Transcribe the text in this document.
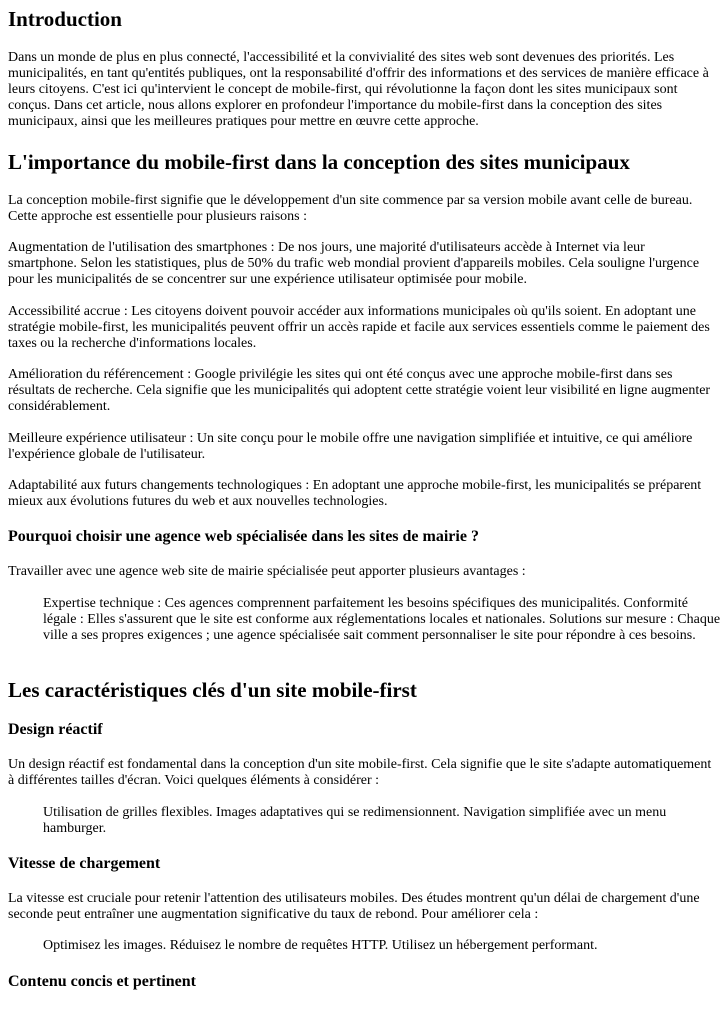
Introduction

Dans un monde de plus en plus connecté, l'accessibilité et la convivialité des sites web sont devenues des priorités. Les municipalités, en tant qu'entités publiques, ont la responsabilité d'offrir des informations et des services de manière efficace à leurs citoyens. C'est ici qu'intervient le concept de mobile-first, qui révolutionne la façon dont les sites municipaux sont conçus. Dans cet article, nous allons explorer en profondeur l'importance du mobile-first dans la conception des sites municipaux, ainsi que les meilleures pratiques pour mettre en œuvre cette approche.

L'importance du mobile-first dans la conception des sites municipaux

La conception mobile-first signifie que le développement d'un site commence par sa version mobile avant celle de bureau. Cette approche est essentielle pour plusieurs raisons :

Augmentation de l'utilisation des smartphones : De nos jours, une majorité d'utilisateurs accède à Internet via leur smartphone. Selon les statistiques, plus de 50% du trafic web mondial provient d'appareils mobiles. Cela souligne l'urgence pour les municipalités de se concentrer sur une expérience utilisateur optimisée pour mobile.

Accessibilité accrue : Les citoyens doivent pouvoir accéder aux informations municipales où qu'ils soient. En adoptant une stratégie mobile-first, les municipalités peuvent offrir un accès rapide et facile aux services essentiels comme le paiement des taxes ou la recherche d'informations locales.

Amélioration du référencement : Google privilégie les sites qui ont été conçus avec une approche mobile-first dans ses résultats de recherche. Cela signifie que les municipalités qui adoptent cette stratégie voient leur visibilité en ligne augmenter considérablement.

Meilleure expérience utilisateur : Un site conçu pour le mobile offre une navigation simplifiée et intuitive, ce qui améliore l'expérience globale de l'utilisateur.

Adaptabilité aux futurs changements technologiques : En adoptant une approche mobile-first, les municipalités se préparent mieux aux évolutions futures du web et aux nouvelles technologies.

Pourquoi choisir une agence web spécialisée dans les sites de mairie ?

Travailler avec une agence web site de mairie spécialisée peut apporter plusieurs avantages :

Expertise technique : Ces agences comprennent parfaitement les besoins spécifiques des municipalités. Conformité légale : Elles s'assurent que le site est conforme aux réglementations locales et nationales. Solutions sur mesure : Chaque ville a ses propres exigences ; une agence spécialisée sait comment personnaliser le site pour répondre à ces besoins.

Les caractéristiques clés d'un site mobile-first
Design réactif

Un design réactif est fondamental dans la conception d'un site mobile-first. Cela signifie que le site s'adapte automatiquement à différentes tailles d'écran. Voici quelques éléments à considérer :

Utilisation de grilles flexibles. Images adaptatives qui se redimensionnent. Navigation simplifiée avec un menu hamburger.

Vitesse de chargement

La vitesse est cruciale pour retenir l'attention des utilisateurs mobiles. Des études montrent qu'un délai de chargement d'une seconde peut entraîner une augmentation significative du taux de rebond. Pour améliorer cela :

Optimisez les images. Réduisez le nombre de requêtes HTTP. Utilisez un hébergement performant.

Contenu concis et pertinent
